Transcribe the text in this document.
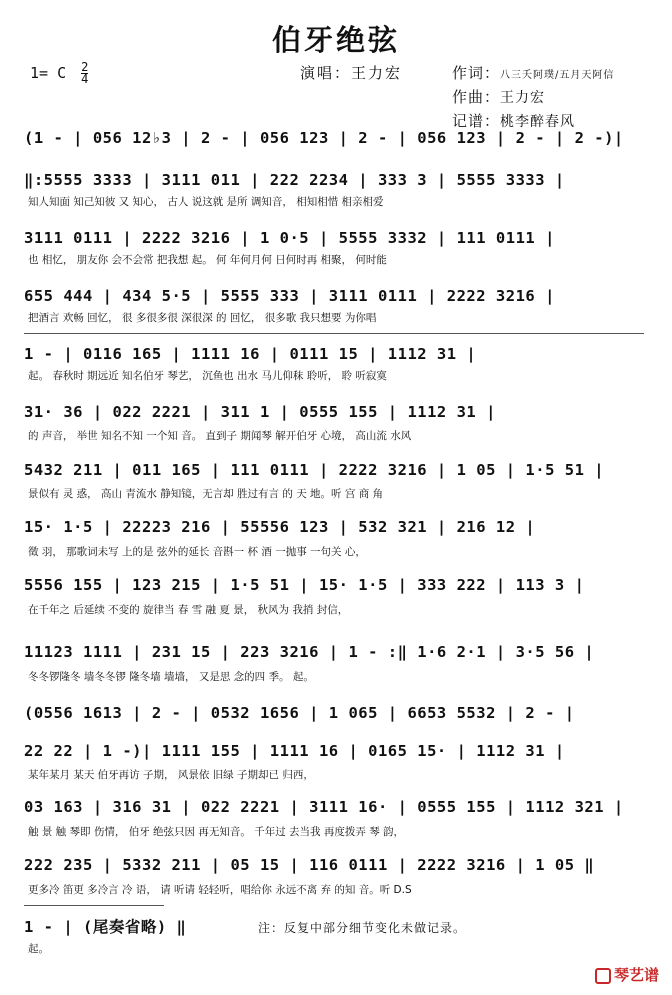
伯牙绝弦
1= C $\frac{2}{4}$	演唱：王力宏	作词：八三夭阿璞/五月天阿信
作曲：王力宏
记谱：桃李醉春风
(1 - | 056 12♭3 | 2 - | 056 123 | 2 - | 056 123 | 2 - | 2 -)|
‖:5555 3333 | 3111 011 | 222 2234 | 333 3 | 5555 3333 |
知人知面 知己知彼 又 知心， 古人 说这就 是所 调知音， 相知相惜 相亲相爱
3111 0111 | 2222 3216 | 1 0·5 | 5555 3332 | 111 0111 |
也 相忆， 朋友你 会不会常 把我想 起。 何 年何月何 日何时再 相聚， 何时能
655 444 | 434 5·5 | 5555 333 | 3111 0111 | 2222 3216 |
把酒言 欢畅 回忆， 很 多很多很 深很深 的 回忆， 很多歌 我只想要 为你唱
1 - | 0116 165 | 1111 16 | 0111 15 | 1112 31 |
起。 春秋时 期远近 知名伯牙 琴艺， 沉鱼也 出水 马儿仰秣 聆听， 聆 听寂寞
31· 36 | 022 2221 | 311 1 | 0555 155 | 1112 31 |
的 声音， 举世 知名不知 一个知 音。 直到子 期闻琴 解开伯牙 心境， 高山流 水风
5432 211 | 011 165 | 111 0111 | 2222 3216 | 1 05 | 1·5 51 |
景似有 灵 惑， 高山 青流水 静知镜，无言却 胜过有言 的 天 地。听 宫 商 角
15· 1·5 | 22223 216 | 55556 123 | 532 321 | 216 12 |
徵 羽， 那歌词未写 上的是 弦外的延长 音斟一 杯 酒 一抛事 一句关 心，
5556 155 | 123 215 | 1·5 51 | 15· 1·5 | 333 222 | 113 3 |
在千年之 后延续 不变的 旋律当 春 雪 融 夏 景， 秋风为 我捎 封信，
11123 1111 | 231 15 | 223 3216 | 1 - :‖ 1·6 2·1 | 3·5 56 |
冬冬锣隆冬 墙冬冬锣 隆冬墙 墙墙， 又是思 念的四 季。 起。
(0556 1613 | 2 - | 0532 1656 | 1 065 | 6653 5532 | 2 - |
22 22 | 1 -)| 1111 155 | 1111 16 | 0165 15· | 1112 31 |
某年某月 某天 伯牙再访 子期， 风景依 旧绿 子期却已 归西，
03 163 | 316 31 | 022 2221 | 3111 16· | 0555 155 | 1112 321 |
触 景 触 琴即 伤情， 伯牙 绝弦只因 再无知音。 千年过 去当我 再度拨弄 琴 韵，
222 235 | 5332 211 | 05 15 | 116 0111 | 2222 3216 | 1 05 ‖
更多冷 笛更 多冷言 冷 语， 请 听请 轻轻听，唱给你 永远不离 弃 的知 音。听 D.S
1 - | (尾奏省略) ‖
起。
注：反复中部分细节变化未做记录。
琴艺谱
